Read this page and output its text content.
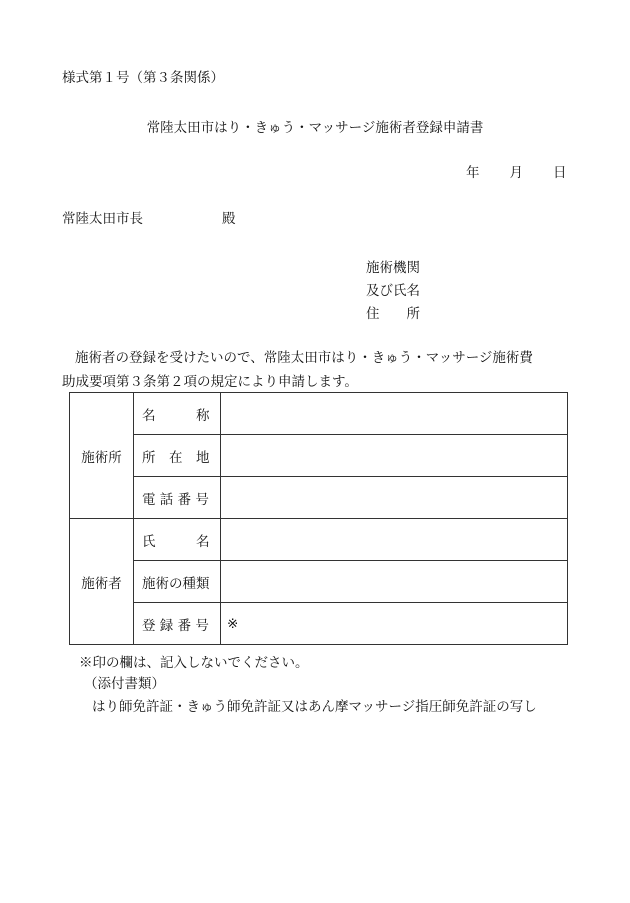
様式第１号（第３条関係）
常陸太田市はり・きゅう・マッサージ施術者登録申請書
年 月 日
常陸太田市長	殿
施術機関
及び氏名
住　　所
施術者の登録を受けたいので、常陸太田市はり・きゅう・マッサージ施術費
助成要項第３条第２項の規定により申請します。
施術所	名　　　称	
	所　在　地	
	電 話 番 号	
施術者	氏　　　名	
	施術の種類	
	登 録 番 号	※
※印の欄は、記入しないでください。
（添付書類）
はり師免許証・きゅう師免許証又はあん摩マッサージ指圧師免許証の写し
